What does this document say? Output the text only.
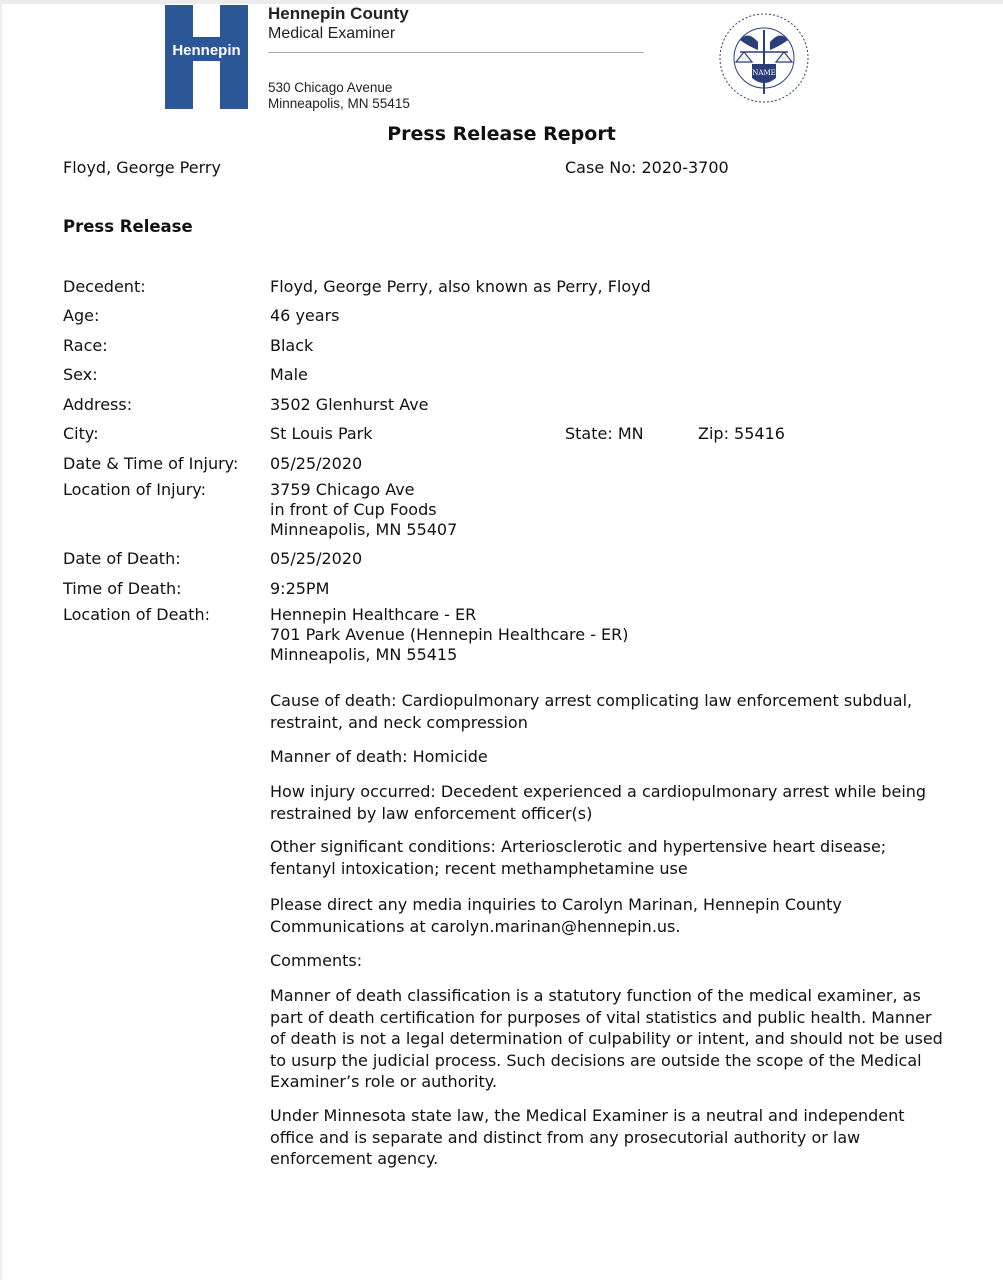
Hennepin
Hennepin County
Medical Examiner
530 Chicago Avenue
Minneapolis, MN 55415
NAME
Press Release Report
Floyd, George Perry	Case No: 2020-3700
Press Release
Decedent:	Floyd, George Perry, also known as Perry, Floyd
Age:	46 years
Race:	Black
Sex:	Male
Address:	3502 Glenhurst Ave
City:	St Louis Park	State: MN	Zip: 55416
Date & Time of Injury: 05/25/2020
Location of Injury:	3759 Chicago Ave
in front of Cup Foods
Minneapolis, MN 55407
Date of Death:	05/25/2020
Time of Death:	9:25PM
Location of Death:	Hennepin Healthcare - ER
701 Park Avenue (Hennepin Healthcare - ER)
Minneapolis, MN 55415
Cause of death: Cardiopulmonary arrest complicating law enforcement subdual, restraint, and neck compression
Manner of death: Homicide
How injury occurred: Decedent experienced a cardiopulmonary arrest while being restrained by law enforcement officer(s)
Other significant conditions: Arteriosclerotic and hypertensive heart disease; fentanyl intoxication; recent methamphetamine use
Please direct any media inquiries to Carolyn Marinan, Hennepin County Communications at carolyn.marinan@hennepin.us.
Comments:
Manner of death classification is a statutory function of the medical examiner, as part of death certification for purposes of vital statistics and public health. Manner of death is not a legal determination of culpability or intent, and should not be used to usurp the judicial process. Such decisions are outside the scope of the Medical Examiner’s role or authority.
Under Minnesota state law, the Medical Examiner is a neutral and independent office and is separate and distinct from any prosecutorial authority or law enforcement agency.
